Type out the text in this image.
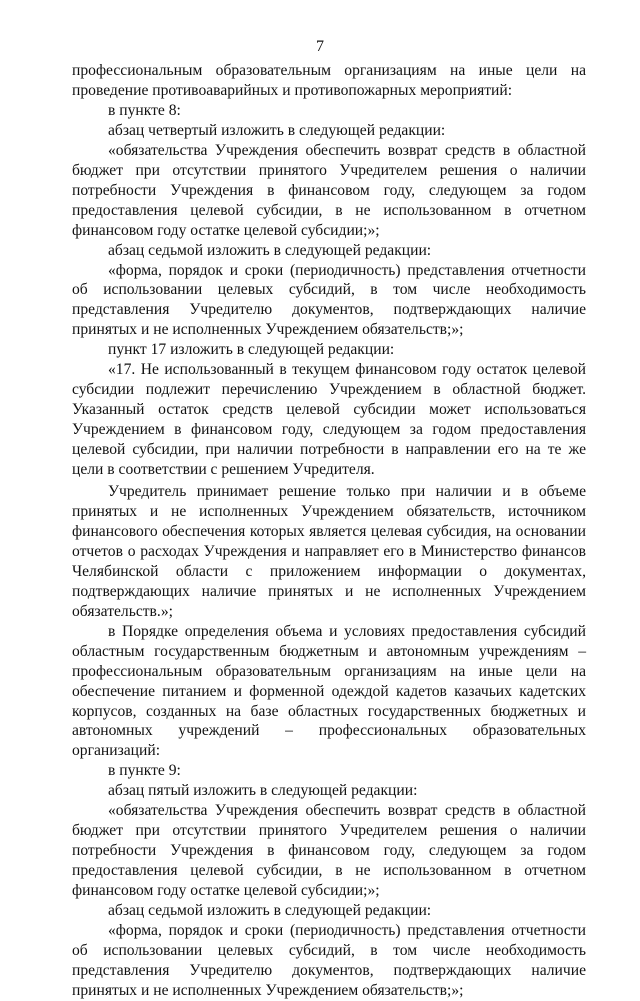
7

профессиональным образовательным организациям на иные цели на проведение противоаварийных и противопожарных мероприятий:

в пункте 8:

абзац четвертый изложить в следующей редакции:

«обязательства Учреждения обеспечить возврат средств в областной бюджет при отсутствии принятого Учредителем решения о наличии потребности Учреждения в финансовом году, следующем за годом предоставления целевой субсидии, в не использованном в отчетном финансовом году остатке целевой субсидии;»;

абзац седьмой изложить в следующей редакции:

«форма, порядок и сроки (периодичность) представления отчетности об использовании целевых субсидий, в том числе необходимость представления Учредителю документов, подтверждающих наличие принятых и не исполненных Учреждением обязательств;»;

пункт 17 изложить в следующей редакции:

«17. Не использованный в текущем финансовом году остаток целевой субсидии подлежит перечислению Учреждением в областной бюджет. Указанный остаток средств целевой субсидии может использоваться Учреждением в финансовом году, следующем за годом предоставления целевой субсидии, при наличии потребности в направлении его на те же цели в соответствии с решением Учредителя.

Учредитель принимает решение только при наличии и в объеме принятых и не исполненных Учреждением обязательств, источником финансового обеспечения которых является целевая субсидия, на основании отчетов о расходах Учреждения и направляет его в Министерство финансов Челябинской области с приложением информации о документах, подтверждающих наличие принятых и не исполненных Учреждением обязательств.»;

в Порядке определения объема и условиях предоставления субсидий областным государственным бюджетным и автономным учреждениям – профессиональным образовательным организациям на иные цели на обеспечение питанием и форменной одеждой кадетов казачьих кадетских корпусов, созданных на базе областных государственных бюджетных и автономных учреждений – профессиональных образовательных организаций:

в пункте 9:

абзац пятый изложить в следующей редакции:

«обязательства Учреждения обеспечить возврат средств в областной бюджет при отсутствии принятого Учредителем решения о наличии потребности Учреждения в финансовом году, следующем за годом предоставления целевой субсидии, в не использованном в отчетном финансовом году остатке целевой субсидии;»;

абзац седьмой изложить в следующей редакции:

«форма, порядок и сроки (периодичность) представления отчетности об использовании целевых субсидий, в том числе необходимость представления Учредителю документов, подтверждающих наличие принятых и не исполненных Учреждением обязательств;»;
